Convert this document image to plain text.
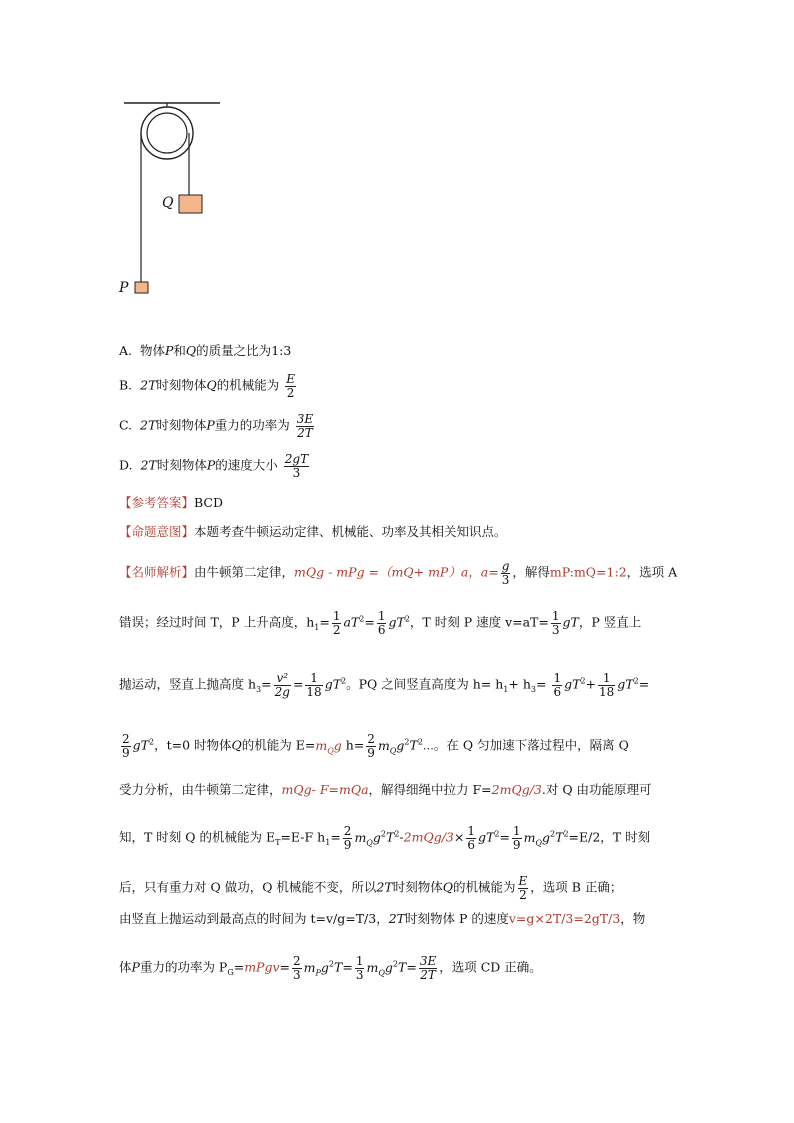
Q
P
A. 物体P和Q的质量之比为1:3
B. 2T时刻物体Q的机械能为 $\frac{E}{2}$
C. 2T时刻物体P重力的功率为 $\frac{3E}{2T}$
D. 2T时刻物体P的速度大小 $\frac{2gT}{3}$
【参考答案】BCD
【命题意图】本题考查牛顿运动定律、机械能、功率及其相关知识点。
【名师解析】由牛顿第二定律，mQg - mPg =（mQ+ mP）a，$a= \frac{g}{3}$ ，解得mP:mQ=1:2，选项 A
错误；经过时间 T，P 上升高度，$h_1= \frac{1}{2} aT^2= \frac{1}{6} gT^2$，T 时刻 P 速度 $v=aT= \frac{1}{3}$ gT，P 竖直上
抛运动，竖直上抛高度 $h_3= \frac{\text{v²}}{2g} = \frac{1}{18} gT^2$。PQ 之间竖直高度为 $h= h_1+ h_3= \frac{1}{6} gT^2+ \frac{1}{18} gT^2=$
$\frac{2}{9} gT^2$，t=0 时物体Q的机能为 $E=m_Qg$ $h= \frac{2}{9}$ $m_Qg^2T^2\dots$。在 Q 匀加速下落过程中，隔离 Q
受力分析，由牛顿第二定律，mQg- F=mQa，解得细绳中拉力 F=2mQg/3.对 Q 由功能原理可
知，T 时刻 Q 的机械能为 $E_T=E-F$ $h_1= \frac{2}{9} m_Qg^2T^2-2mQg/3\times \frac{1}{6} gT^2= \frac{1}{9} m_Qg^2T^2=E/2$，T 时刻
后，只有重力对 Q 做功，Q 机械能不变，所以2T时刻物体Q的机械能为 $\frac{E}{2}$ ，选项 B 正确；
由竖直上抛运动到最高点的时间为 t=v/g=T/3，2T时刻物体 P 的速度v=g×2T/3=2gT/3，物
体P重力的功率为 $P_G=mPgv= \frac{2}{3} m_Pg^2T= \frac{1}{3} m_Qg^2T= \frac{3E}{2T}$ ，选项 CD 正确。
